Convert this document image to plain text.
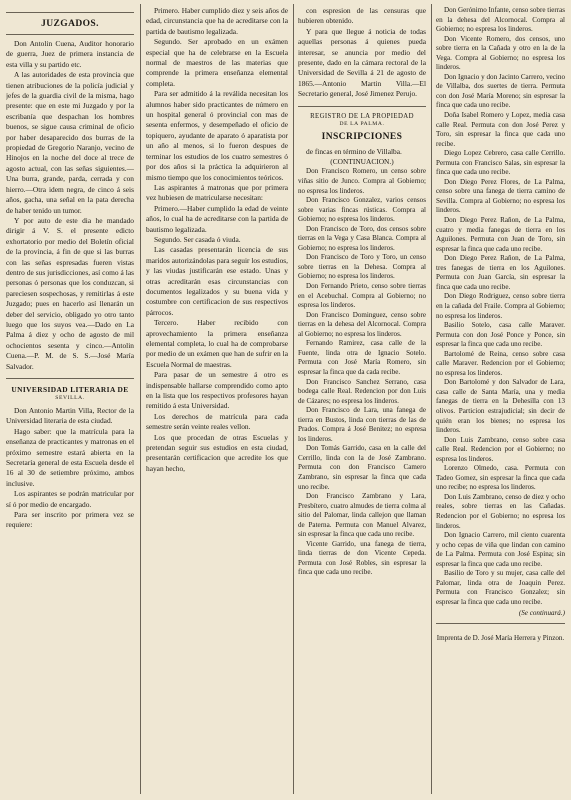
JUZGADOS.

Don Antolin Cuena, Auditor honorario de guerra, Juez de primera instancia de esta villa y su partido etc.

A las autoridades de esta provincia que tienen atribuciones de la policía judicial y jefes de la guardia civil de la misma, hago presente: que en este mi Juzgado y por la escribanía que despachan los hombres buenos, se sigue causa criminal de oficio por haber desaparecido dos burras de la propiedad de Gregorio Naranjo, vecino de Hinojos en la noche del doce al trece de agosto actual, con las señas siguientes.—Una burra, grande, parda, cerrada y con hierro.—Otra idem negra, de cinco á seis años, gacha, una señal en la pata derecha de haber tenido un tumor.

Y por auto de este dia he mandado dirigir á V. S. el presente edicto exhortatorio por medio del Boletín oficial de la provincia, á fin de que si las burras con las señas espresadas fueren vistas dentro de sus jurisdicciones, así como á las personas ó personas que los conduzcan, si pareciesen sospechosas, y remitirlas á este Juzgado; pues en hacerlo así llenarán un deber del servicio, obligado yo otro tanto luego que los suyos vea.—Dado en La Palma á diez y ocho de agosto de mil ochocientos sesenta y cinco.—Antolin Cuena.—P. M. de S. S.—José María Salvador.

UNIVERSIDAD LITERARIA DE
SEVILLA.

Don Antonio Martin Villa, Rector de la Universidad literaria de esta ciudad.

Hago saber: que la matrícula para la enseñanza de practicantes y matronas en el próximo semestre estará abierta en la Secretaría general de esta Escuela desde el 16 al 30 de setiembre próximo, ambos inclusive.

Los aspirantes se podrán matricular por sí ó por medio de encargado.

Para ser inscrito por primera vez se requiere:

Primero. Haber cumplido diez y seis años de edad, circunstancia que ha de acreditarse con la partida de bautismo legalizada.

Segundo. Ser aprobado en un exámen especial que ha de celebrarse en la Escuela normal de maestros de las materias que comprende la primera enseñanza elemental completa.

Para ser admitido á la reválida necesitan los alumnos haber sido practicantes de número en un hospital general ó provincial con mas de sesenta enfermos, y desempeñado el oficio de topiquero, ayudante de aparato ó aparatista por un año al menos, si lo fueron despues de terminar los estudios de los cuatro semestres ó por dos años si la práctica la adquirieron al mismo tiempo que los conocimientos teóricos.

Las aspirantes á matronas que por primera vez hubiesen de matricularse necesitan:

Primero.—Haber cumplido la edad de veinte años, lo cual ha de acreditarse con la partida de bautismo legalizada.

Segundo. Ser casada ó viuda.

Las casadas presentarán licencia de sus maridos autorizándolas para seguir los estudios, y las viudas justificarán ese estado. Unas y otras acreditarán esas circunstancias con documentos legalizados y su buena vida y costumbre con certificacion de sus respectivos párrocos.

Tercero. Haber recibido con aprovechamiento la primera enseñanza elemental completa, lo cual ha de comprobarse por medio de un exámen que han de sufrir en la Escuela Normal de maestras.

Para pasar de un semestre á otro es indispensable hallarse comprendido como apto en la lista que los respectivos profesores hayan remitido á esta Universidad.

Los derechos de matrícula para cada semestre serán veinte reales vellon.

Los que procedan de otras Escuelas y pretendan seguir sus estudios en esta ciudad, presentarán certificacion que acredite los que hayan hecho,

con espresion de las censuras que hubieren obtenido.

Y para que llegue á noticia de todas aquellas personas á quienes pueda interesar, se anuncia por medio del presente, dado en la cámara rectoral de la Universidad de Sevilla á 21 de agosto de 1865.—Antonio Martin Villa.—El Secretario general, José Jimenez Perujo.

REGISTRO DE LA PROPIEDAD
DE LA PALMA.
INSCRIPCIONES

de fincas en término de Villalba.

(CONTINUACION.)

Don Francisco Romero, un censo sobre viñas sitio de Junco. Compra al Gobierno; no espresa los linderos.

Don Francisco Gonzalez, varios censos sobre varias fincas rústicas. Compra al Gobierno; no espresa los linderos.

Don Francisco de Toro, dos censos sobre tierras en la Vega y Casa Blanca. Compra al Gobierno; no espresa los linderos.

Don Francisco de Toro y Toro, un censo sobre tierras en la Dehesa. Compra al Gobierno; no espresa los linderos.

Don Fernando Prieto, censo sobre tierras en el Acebuchal. Compra al Gobierno; no espresa los linderos.

Don Francisco Dominguez, censo sobre tierras en la dehesa del Alcornocal. Compra al Gobierno; no espresa los linderos.

Fernando Ramirez, casa calle de la Fuente, linda otra de Ignacio Sotelo. Permuta con José María Romero, sin espresar la finca que da cada recibe.

Don Francisco Sanchez Serrano, casa bodega calle Real. Redencion por don Luis de Cázares; no espresa los linderos.

Don Francisco de Lara, una fanega de tierra en Bustos, linda con tierras de las de Prados. Compra á José Benitez; no espresa los linderos.

Don Tomás Garrido, casa en la calle del Cerrillo, linda con la de José Zambrano. Permuta con don Francisco Camero Zambrano, sin espresar la finca que cada uno recibe.

Don Francisco Zambrano y Lara, Presbítero, cuatro almudes de tierra colma al sitio del Palomar, linda callejon que llaman de Paterna. Permuta con Manuel Alvarez, sin espresar la finca que cada uno recibe.

Vicente Garrido, una fanega de tierra, linda tierras de don Vicente Cepeda. Permuta con José Robles, sin espresar la finca que cada uno recibe.

Don Gerónimo Infante, censo sobre tierras en la dehesa del Alcornocal. Compra al Gobierno; no espresa los linderos.

Don Vicente Romero, dos censos, uno sobre tierra en la Cañada y otro en la de la Vega. Compra al Gobierno; no espresa los linderos.

Don Ignacio y don Jacinto Carrero, vecino de Villalba, dos suertes de tierra. Permuta con don José María Moreno; sin espresar la finca que cada uno recibe.

Doña Isabel Romero y Lopez, media casa calle Real. Permuta con don José Perez y Toro, sin espresar la finca que cada uno recibe.

Diego Lopez Cebrero, casa calle Cerrillo. Permuta con Francisco Salas, sin espresar la finca que cada uno recibe.

Don Diego Perez Flores, de La Palma, censo sobre una fanega de tierra camino de Sevilla. Compra al Gobierno; no espresa los linderos.

Don Diego Perez Rañon, de La Palma, cuatro y media fanegas de tierra en los Aguilones. Permuta con Juan de Toro, sin espresar la finca que cada uno recibe.

Don Diego Perez Rañon, de La Palma, tres fanegas de tierra en los Aguilones. Permuta con Juan García, sin espresar la finca que cada uno recibe.

Don Diego Rodriguez, censo sobre tierra en la cañada del Fraile. Compra al Gobierno; no espresa los linderos.

Basilio Sotelo, casa calle Maraver. Permuta con don José Ponce y Ponce, sin espresar la finca que cada uno recibe.

Bartolomé de Reina, censo sobre casa calle Maraver. Redencion por el Gobierno; no espresa los linderos.

Don Bartolomé y don Salvador de Lara, casa calle de Santa María, una y media fanegas de tierra en la Dehesilla con 13 olivos. Particion estrajudicial; sin decir de quién eran los bienes; no espresa los linderos.

Don Luis Zambrano, censo sobre casa calle Real. Redencion por el Gobierno; no espresa los linderos.

Lorenzo Olmedo, casa. Permuta con Tadeo Gomez, sin espresar la finca que cada uno recibe; no espresa los linderos.

Don Luis Zambrano, censo de diez y ocho reales, sobre tierras en las Cañadas. Redencion por el Gobierno; no espresa los linderos.

Don Ignacio Carrero, mil ciento cuarenta y ocho cepas de viña que lindan con camino de La Palma. Permuta con José Espina; sin espresar la finca que cada uno recibe.

Basilio de Toro y su mujer, casa calle del Palomar, linda otra de Joaquin Perez. Permuta con Francisco Gonzalez; sin espresar la finca que cada uno recibe.

(Se continuará.)

Imprenta de D. José María Herrera y Pinzon.
